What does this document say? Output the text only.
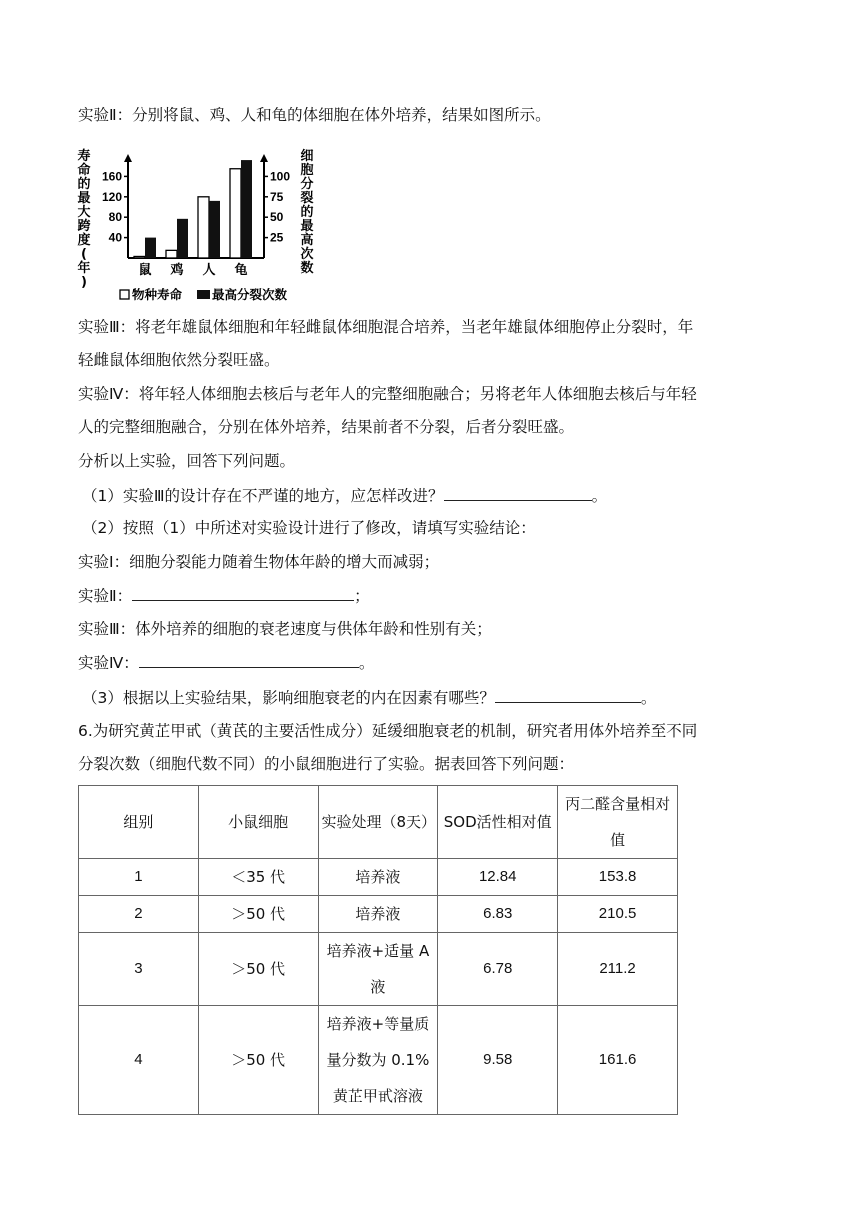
实验Ⅱ：分别将鼠、鸡、人和龟的体细胞在体外培养，结果如图所示。
40
80
120
160
25
50
75
100
鼠 鸡 人 龟
寿
命
的
最
大
跨
度
(
年
)
细
胞
分
裂
的
最
高
次
数
物种寿命 最高分裂次数
实验Ⅲ：将老年雄鼠体细胞和年轻雌鼠体细胞混合培养，当老年雄鼠体细胞停止分裂时，年
轻雌鼠体细胞依然分裂旺盛。
实验Ⅳ：将年轻人体细胞去核后与老年人的完整细胞融合；另将老年人体细胞去核后与年轻
人的完整细胞融合，分别在体外培养，结果前者不分裂，后者分裂旺盛。
分析以上实验，回答下列问题。
（1）实验Ⅲ的设计存在不严谨的地方，应怎样改进？	。
（2）按照（1）中所述对实验设计进行了修改，请填写实验结论：
实验Ⅰ：细胞分裂能力随着生物体年龄的增大而减弱；
实验Ⅱ：	；
实验Ⅲ：体外培养的细胞的衰老速度与供体年龄和性别有关；
实验Ⅳ：	。
（3）根据以上实验结果，影响细胞衰老的内在因素有哪些？	。
6.为研究黄芷甲甙（黄芪的主要活性成分）延缓细胞衰老的机制，研究者用体外培养至不同
分裂次数（细胞代数不同）的小鼠细胞进行了实验。据表回答下列问题：
组别	小鼠细胞	实验处理（8天）	SOD活性相对值	丙二醛含量相对值
1	＜35 代	培养液	12.84	153.8
2	＞50 代	培养液	6.83	210.5
3	＞50 代	培养液+适量 A 液	6.78	211.2
4	＞50 代	培养液+等量质量分数为 0.1%黄芷甲甙溶液	9.58	161.6
